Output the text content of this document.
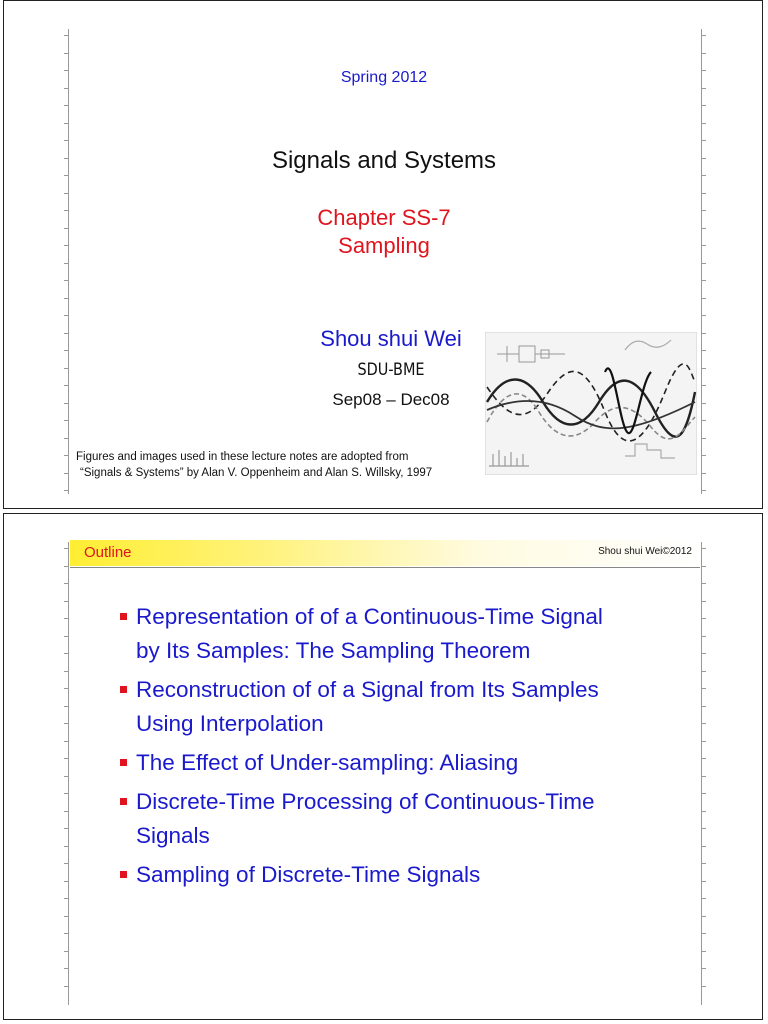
Spring 2012
Signals and Systems
Chapter SS-7
Sampling
Shou shui Wei
SDU-BME
Sep08 – Dec08
Figures and images used in these lecture notes are adopted from
“Signals & Systems” by Alan V. Oppenheim and Alan S. Willsky, 1997
Outline	Shou shui Wei©2012
Representation of of a Continuous-Time Signal
by Its Samples: The Sampling Theorem
Reconstruction of of a Signal from Its Samples
Using Interpolation
The Effect of Under-sampling: Aliasing
Discrete-Time Processing of Continuous-Time
Signals
Sampling of Discrete-Time Signals
